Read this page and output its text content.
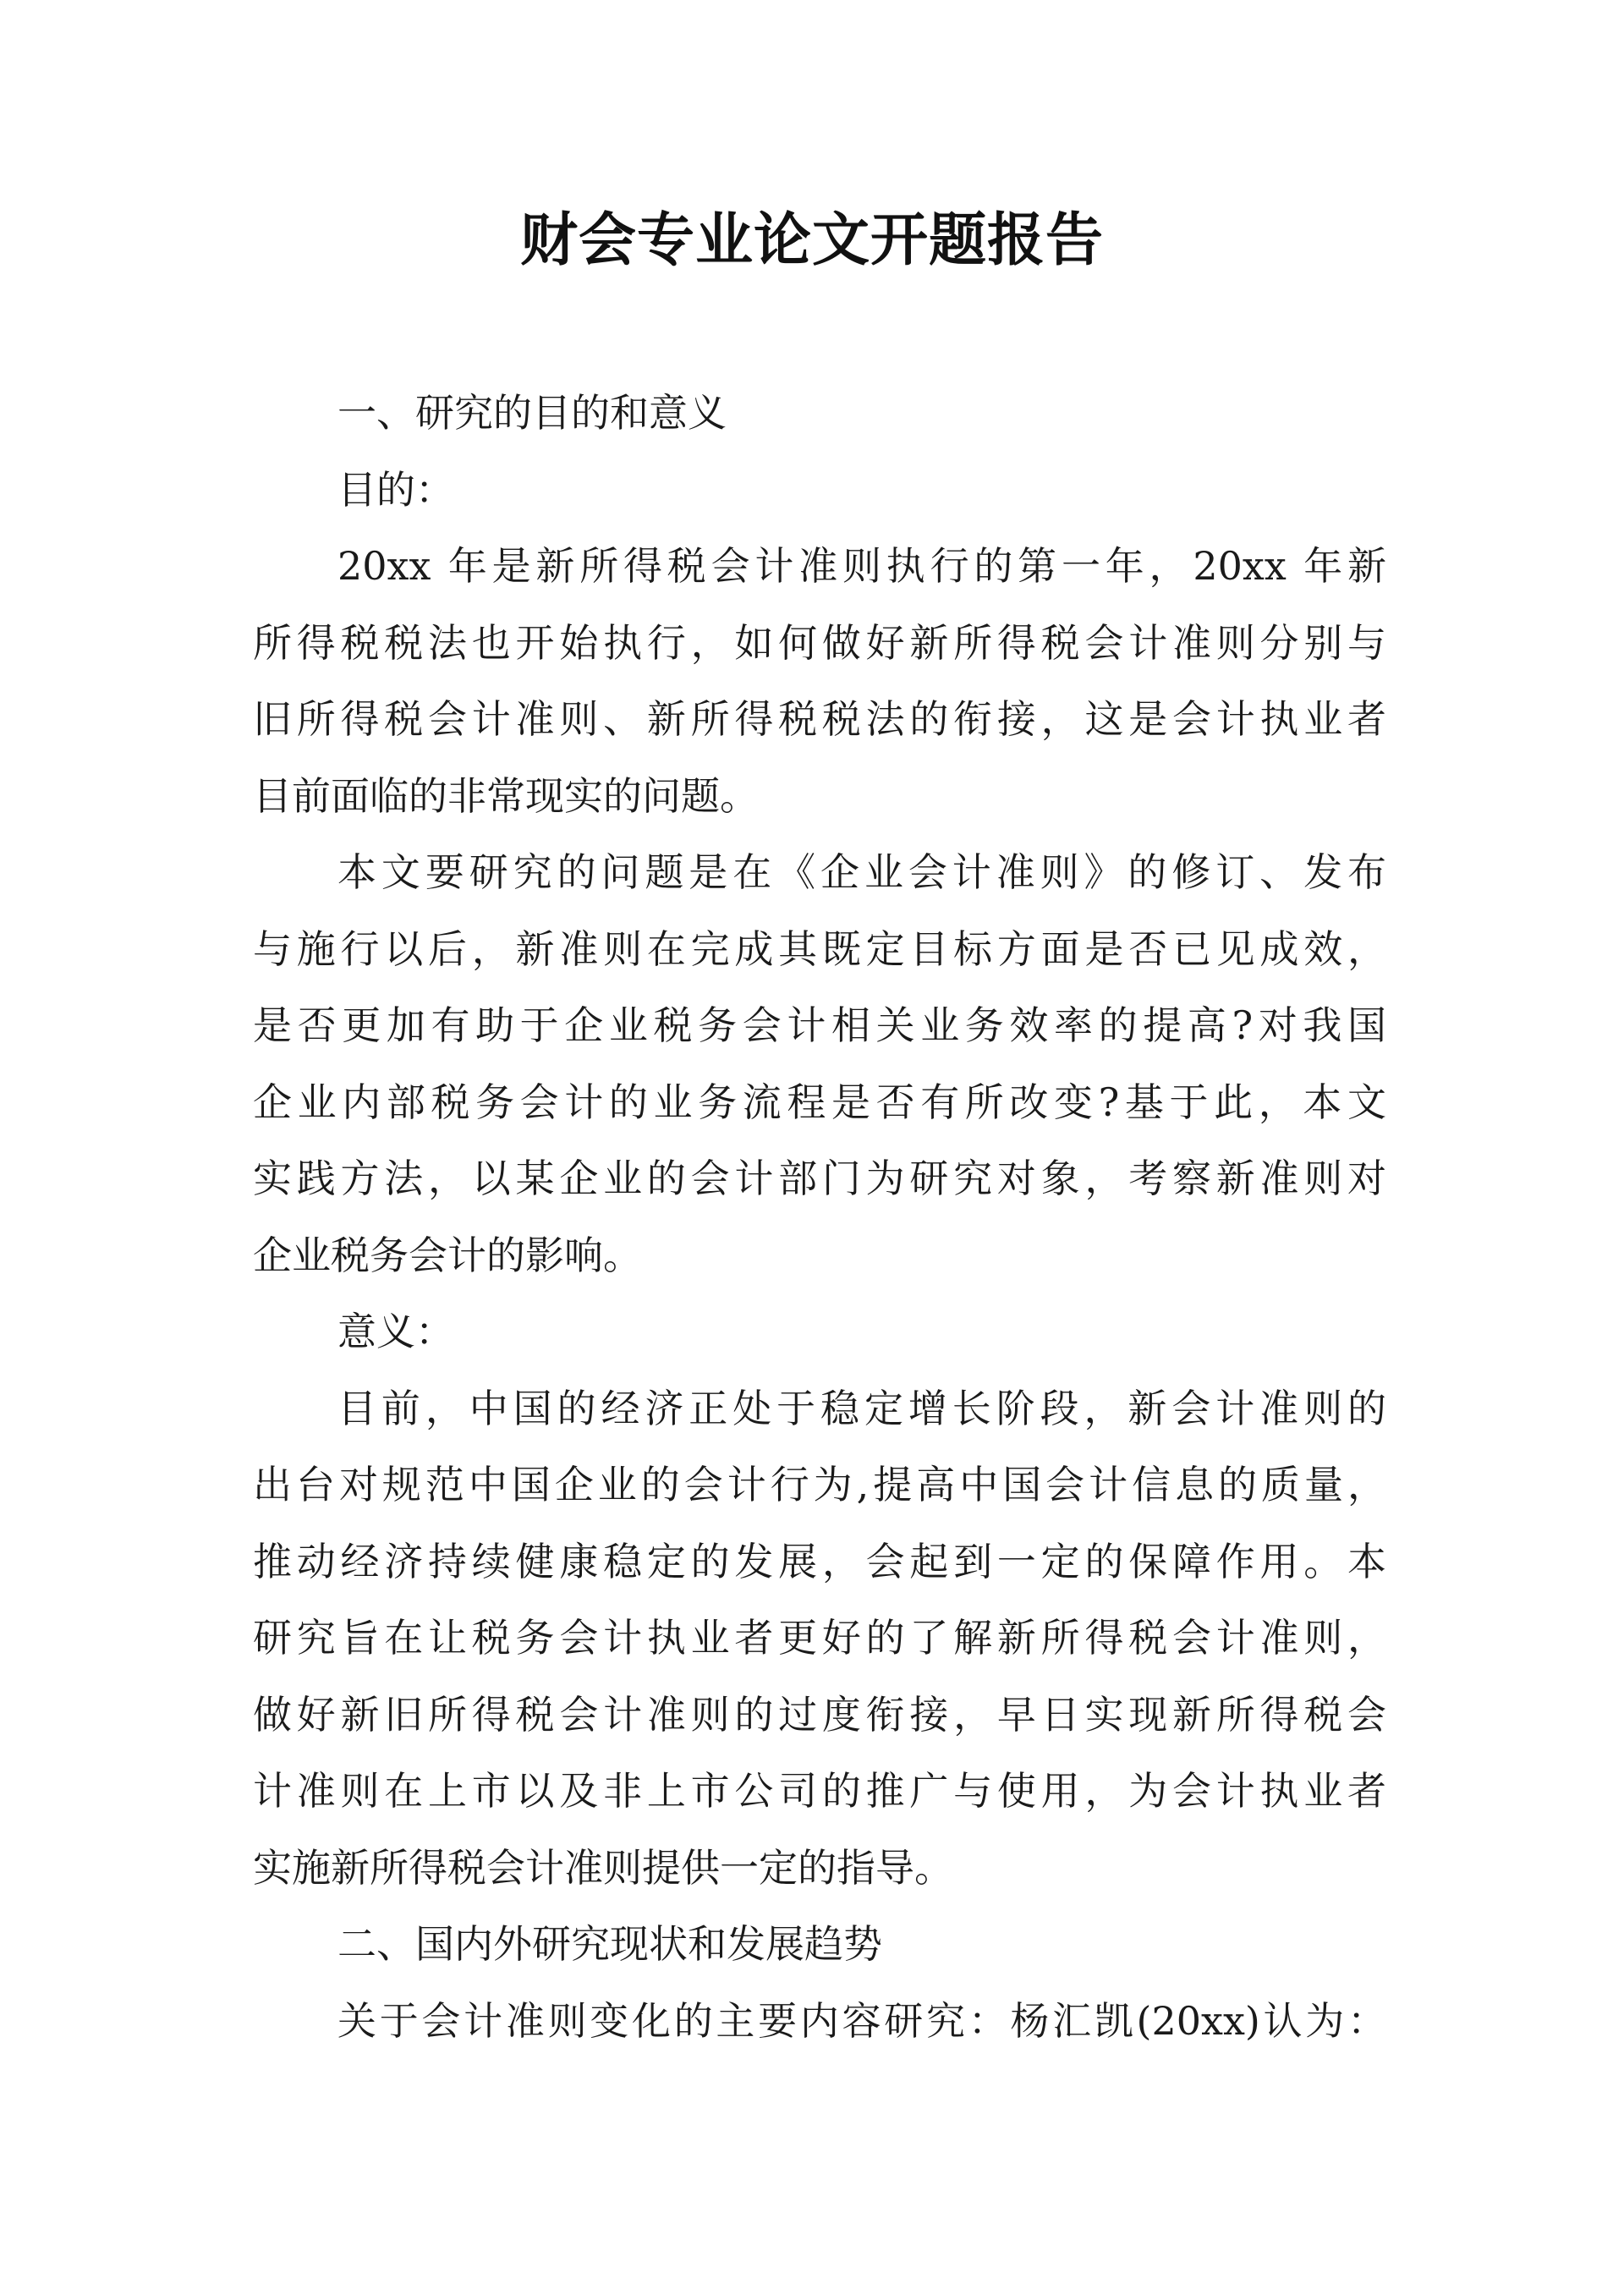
财会专业论文开题报告
一、研究的目的和意义
目的：
20xx 年是新所得税会计准则执行的第一年，20xx 年新
所得税税法也开始执行，如何做好新所得税会计准则分别与
旧所得税会计准则、新所得税税法的衔接，这是会计执业者
目前面临的非常现实的问题。
本文要研究的问题是在《企业会计准则》的修订、发布
与施行以后，新准则在完成其既定目标方面是否已见成效，
是否更加有助于企业税务会计相关业务效率的提高?对我国
企业内部税务会计的业务流程是否有所改变?基于此，本文
实践方法，以某企业的会计部门为研究对象，考察新准则对
企业税务会计的影响。
意义：
目前，中国的经济正处于稳定增长阶段，新会计准则的
出台对规范中国企业的会计行为,提高中国会计信息的质量，
推动经济持续健康稳定的发展，会起到一定的保障作用。本
研究旨在让税务会计执业者更好的了解新所得税会计准则，
做好新旧所得税会计准则的过度衔接，早日实现新所得税会
计准则在上市以及非上市公司的推广与使用，为会计执业者
实施新所得税会计准则提供一定的指导。
二、国内外研究现状和发展趋势
关于会计准则变化的主要内容研究：杨汇凯(20xx)认为：
